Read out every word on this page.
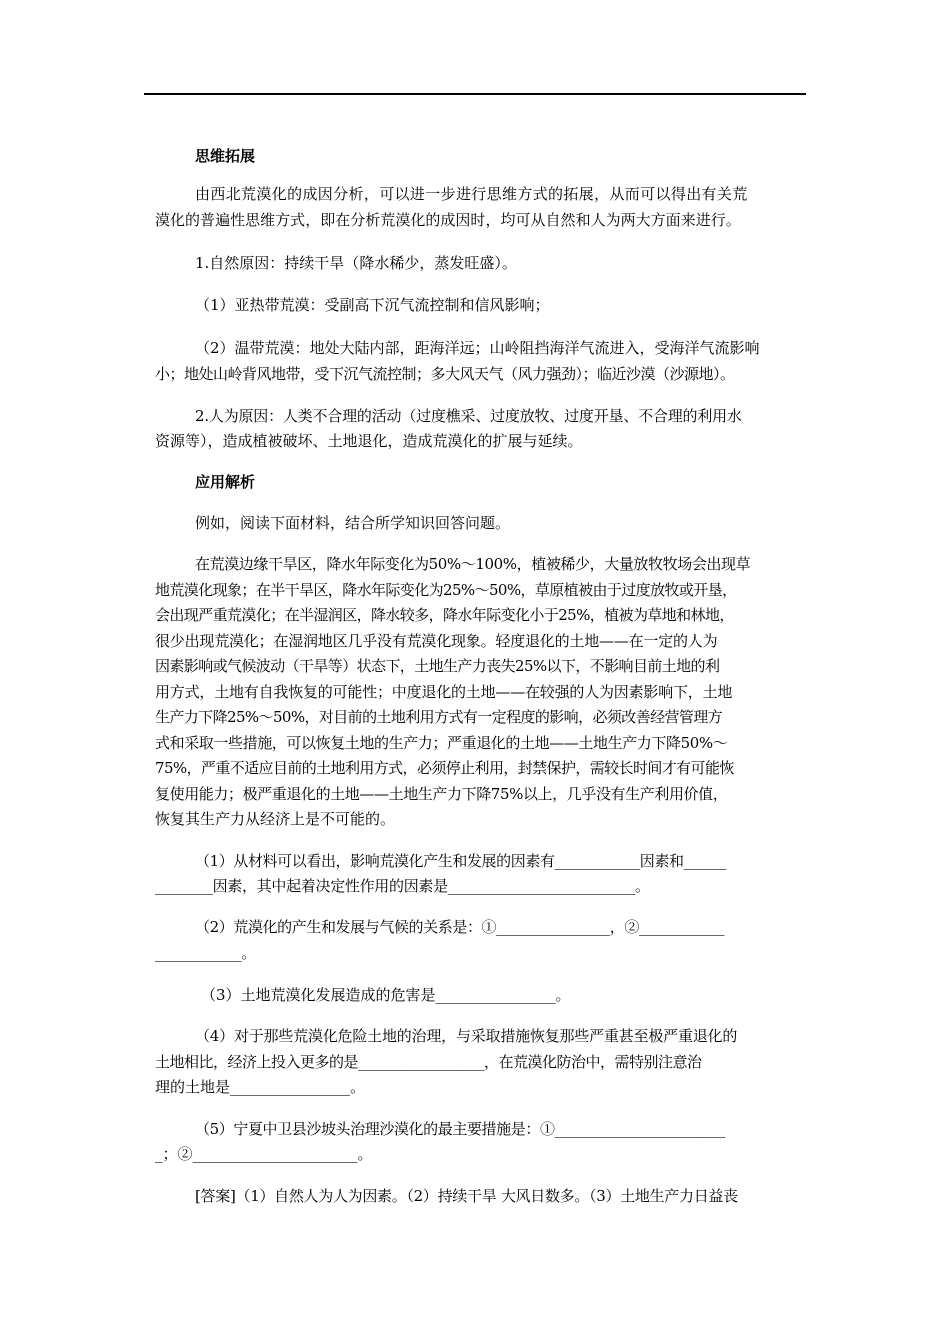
思维拓展
由西北荒漠化的成因分析，可以进一步进行思维方式的拓展，从而可以得出有关荒
漠化的普遍性思维方式，即在分析荒漠化的成因时，均可从自然和人为两大方面来进行。
1.自然原因：持续干旱（降水稀少，蒸发旺盛）。
（1）亚热带荒漠：受副高下沉气流控制和信风影响；
（2）温带荒漠：地处大陆内部，距海洋远；山岭阻挡海洋气流进入，受海洋气流影响
小；地处山岭背风地带，受下沉气流控制；多大风天气（风力强劲）；临近沙漠（沙源地）。
2.人为原因：人类不合理的活动（过度樵采、过度放牧、过度开垦、不合理的利用水
资源等），造成植被破坏、土地退化，造成荒漠化的扩展与延续。
应用解析
例如，阅读下面材料，结合所学知识回答问题。
在荒漠边缘干旱区，降水年际变化为50%～100%，植被稀少，大量放牧牧场会出现草
地荒漠化现象；在半干旱区，降水年际变化为25%～50%，草原植被由于过度放牧或开垦，
会出现严重荒漠化；在半湿润区，降水较多，降水年际变化小于25%，植被为草地和林地，
很少出现荒漠化；在湿润地区几乎没有荒漠化现象。轻度退化的土地——在一定的人为
因素影响或气候波动（干旱等）状态下，土地生产力丧失25%以下，不影响目前土地的利
用方式，土地有自我恢复的可能性；中度退化的土地——在较强的人为因素影响下，土地
生产力下降25%～50%，对目前的土地利用方式有一定程度的影响，必须改善经营管理方
式和采取一些措施，可以恢复土地的生产力；严重退化的土地——土地生产力下降50%～
75%，严重不适应目前的土地利用方式，必须停止利用，封禁保护，需较长时间才有可能恢
复使用能力；极严重退化的土地——土地生产力下降75%以上，几乎没有生产利用价值，
恢复其生产力从经济上是不可能的。
（1）从材料可以看出，影响荒漠化产生和发展的因素有____________因素和______
________因素，其中起着决定性作用的因素是__________________________。
（2）荒漠化的产生和发展与气候的关系是：①________________，②____________
____________。
（3）土地荒漠化发展造成的危害是________________。
（4）对于那些荒漠化危险土地的治理，与采取措施恢复那些严重甚至极严重退化的
土地相比，经济上投入更多的是__________________，在荒漠化防治中，需特别注意治
理的土地是________________。
（5）宁夏中卫县沙坡头治理沙漠化的最主要措施是：①________________________
_；②______________________。
[答案]（1）自然人为人为因素。（2）持续干旱 大风日数多。（3）土地生产力日益丧
